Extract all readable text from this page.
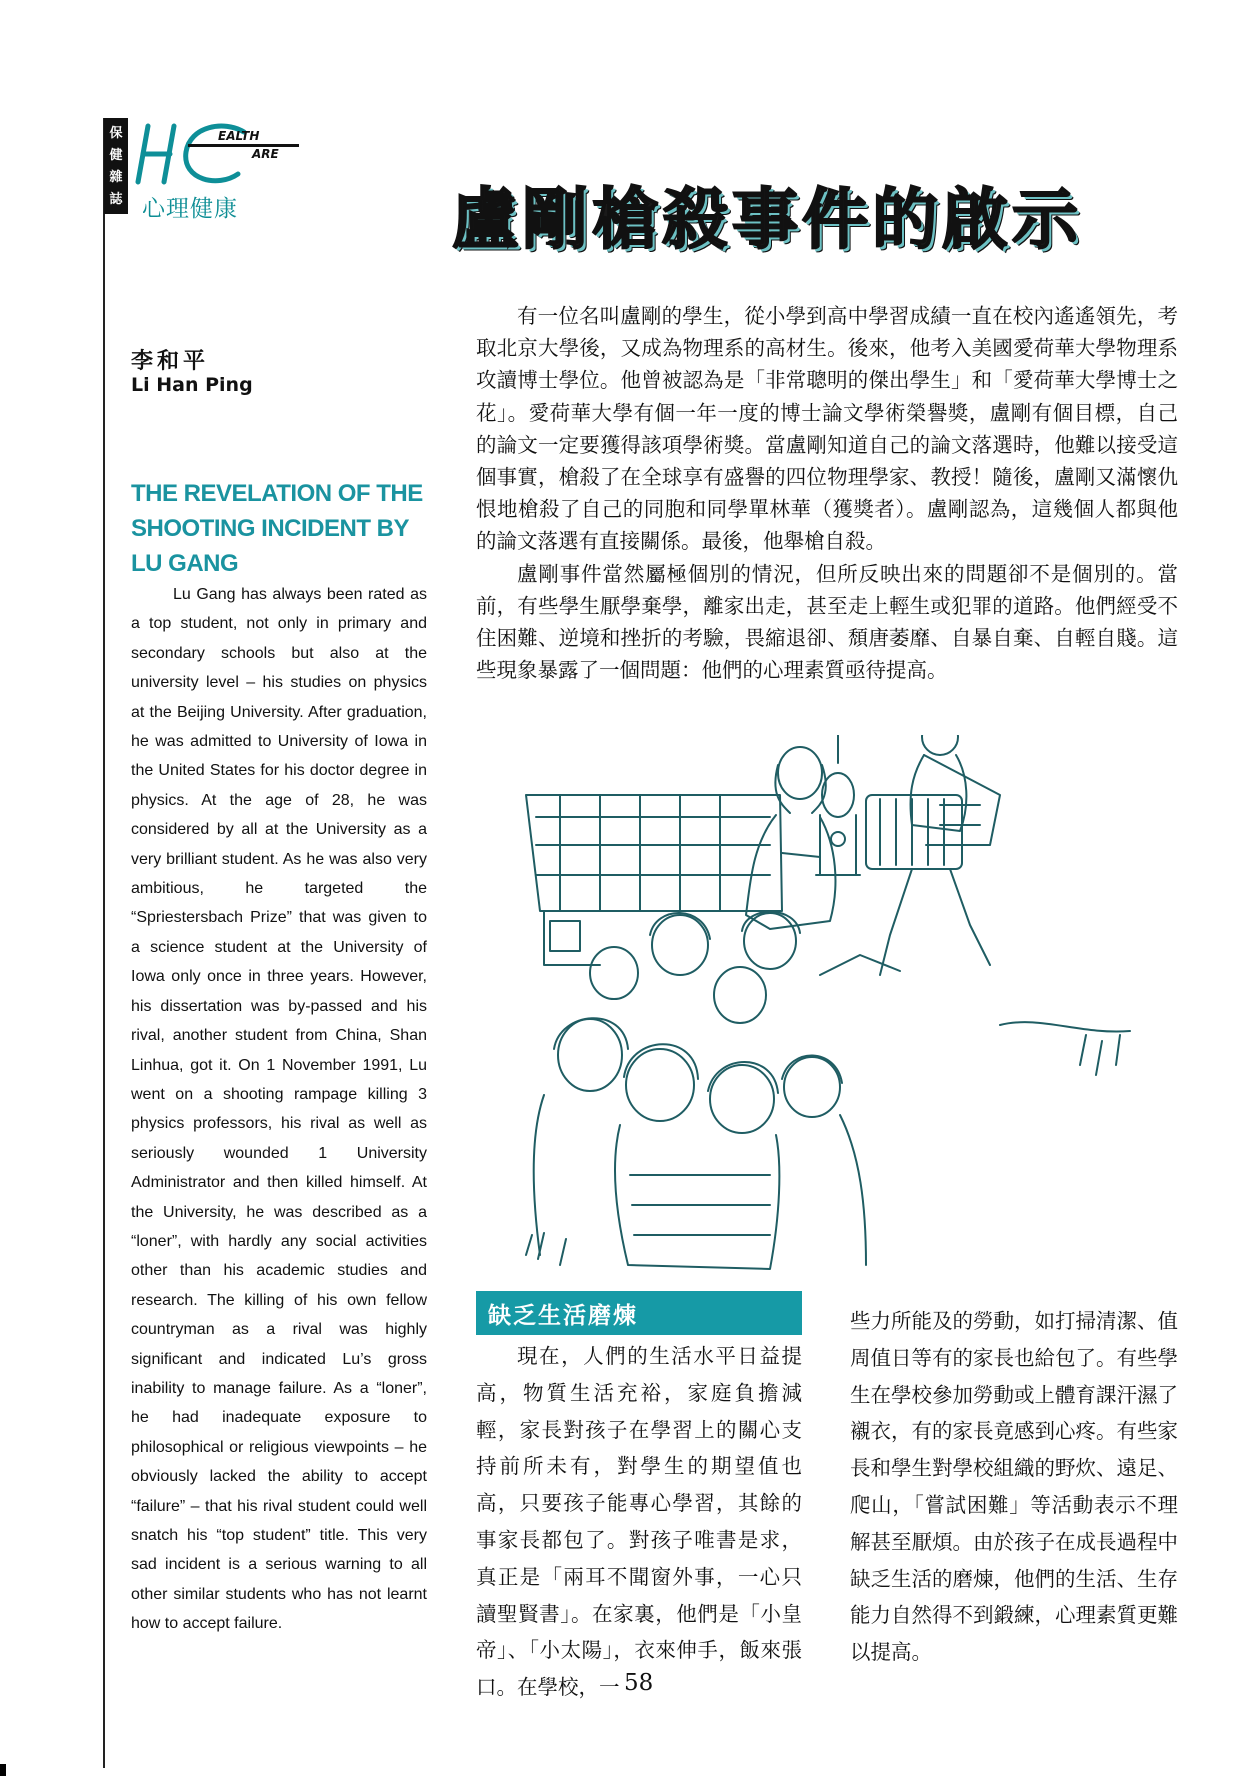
保
健
雜
誌
EALTH
ARE
心理健康	盧剛槍殺事件的啟示
李和平
Li Han Ping
THE REVELATION OF THE SHOOTING INCIDENT BY LU GANG

Lu Gang has always been rated as a top student, not only in primary and secondary schools but also at the university level – his studies on physics at the Beijing University. After graduation, he was admitted to University of Iowa in the United States for his doctor degree in physics. At the age of 28, he was considered by all at the University as a very brilliant student. As he was also very ambitious, he targeted the “Spriestersbach Prize” that was given to a science student at the University of Iowa only once in three years. However, his dissertation was by-passed and his rival, another student from China, Shan Linhua, got it. On 1 November 1991, Lu went on a shooting rampage killing 3 physics professors, his rival as well as seriously wounded 1 University Administrator and then killed himself. At the University, he was described as a “loner”, with hardly any social activities other than his academic studies and research. The killing of his own fellow countryman as a rival was highly significant and indicated Lu’s gross inability to manage failure. As a “loner”, he had inadequate exposure to philosophical or religious viewpoints – he obviously lacked the ability to accept “failure” – that his rival student could well snatch his “top student” title. This very sad incident is a serious warning to all other similar students who has not learnt how to accept failure.

有一位名叫盧剛的學生，從小學到高中學習成績一直在校內遙遙領先，考取北京大學後，又成為物理系的高材生。後來，他考入美國愛荷華大學物理系攻讀博士學位。他曾被認為是「非常聰明的傑出學生」和「愛荷華大學博士之花」。愛荷華大學有個一年一度的博士論文學術榮譽獎，盧剛有個目標，自己的論文一定要獲得該項學術獎。當盧剛知道自己的論文落選時，他難以接受這個事實，槍殺了在全球享有盛譽的四位物理學家、教授！隨後，盧剛又滿懷仇恨地槍殺了自己的同胞和同學單林華（獲獎者）。盧剛認為，這幾個人都與他的論文落選有直接關係。最後，他舉槍自殺。

盧剛事件當然屬極個別的情況，但所反映出來的問題卻不是個別的。當前，有些學生厭學棄學，離家出走，甚至走上輕生或犯罪的道路。他們經受不住困難、逆境和挫折的考驗，畏縮退卻、頹唐萎靡、自暴自棄、自輕自賤。這些現象暴露了一個問題：他們的心理素質亟待提高。

缺乏生活磨煉

現在，人們的生活水平日益提高，物質生活充裕，家庭負擔減輕，家長對孩子在學習上的關心支持前所未有，對學生的期望值也高，只要孩子能專心學習，其餘的事家長都包了。對孩子唯書是求，真正是「兩耳不聞窗外事，一心只讀聖賢書」。在家裏，他們是「小皇帝」、「小太陽」，衣來伸手，飯來張口。在學校，一

些力所能及的勞動，如打掃清潔、值周值日等有的家長也給包了。有些學生在學校參加勞動或上體育課汗濕了襯衣，有的家長竟感到心疼。有些家長和學生對學校組織的野炊、遠足、爬山，「嘗試困難」等活動表示不理解甚至厭煩。由於孩子在成長過程中缺乏生活的磨煉，他們的生活、生存能力自然得不到鍛練，心理素質更難以提高。

58
